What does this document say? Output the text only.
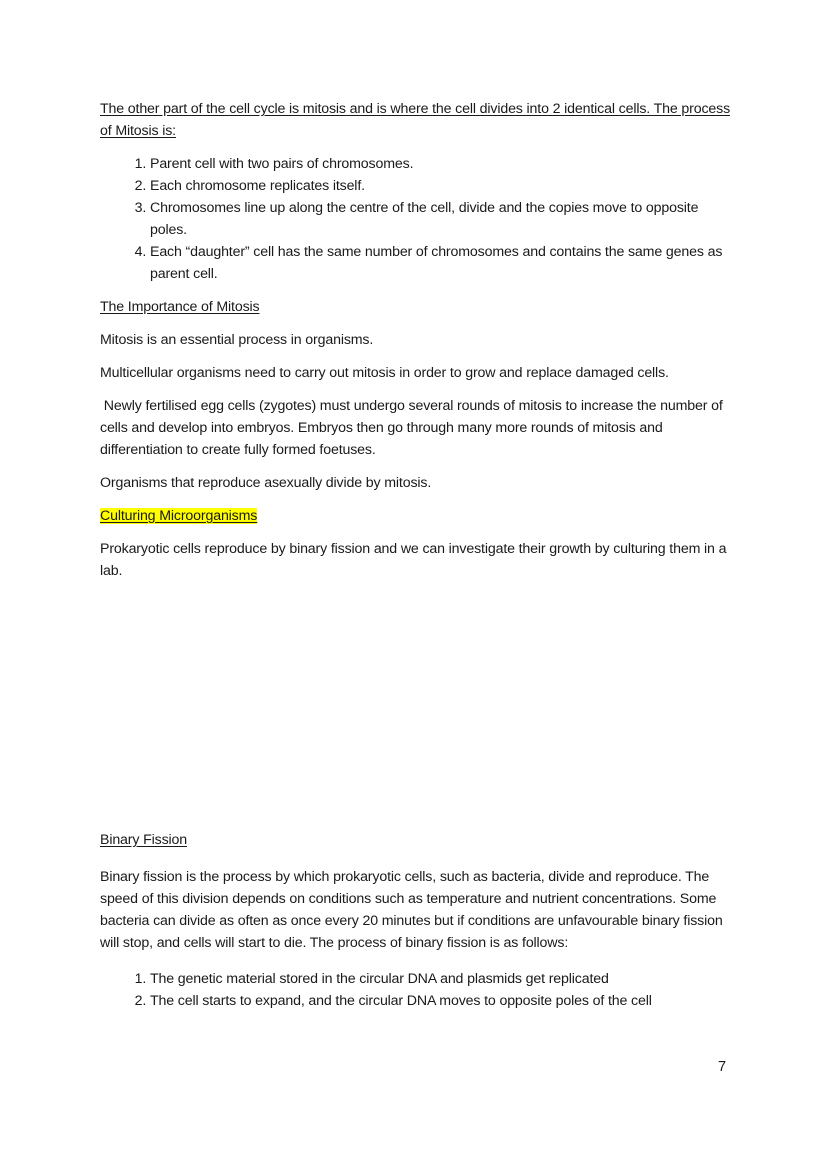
The other part of the cell cycle is mitosis and is where the cell divides into 2 identical cells. The process of Mitosis is:

1. Parent cell with two pairs of chromosomes.
2. Each chromosome replicates itself.
3. Chromosomes line up along the centre of the cell, divide and the copies move to opposite poles.
4. Each “daughter” cell has the same number of chromosomes and contains the same genes as parent cell.

The Importance of Mitosis

Mitosis is an essential process in organisms.

Multicellular organisms need to carry out mitosis in order to grow and replace damaged cells.

Newly fertilised egg cells (zygotes) must undergo several rounds of mitosis to increase the number of cells and develop into embryos. Embryos then go through many more rounds of mitosis and differentiation to create fully formed foetuses.

Organisms that reproduce asexually divide by mitosis.

Culturing Microorganisms

Prokaryotic cells reproduce by binary fission and we can investigate their growth by culturing them in a lab.

Binary Fission

Binary fission is the process by which prokaryotic cells, such as bacteria, divide and reproduce. The speed of this division depends on conditions such as temperature and nutrient concentrations. Some bacteria can divide as often as once every 20 minutes but if conditions are unfavourable binary fission will stop, and cells will start to die. The process of binary fission is as follows:

1. The genetic material stored in the circular DNA and plasmids get replicated
2. The cell starts to expand, and the circular DNA moves to opposite poles of the cell
7
